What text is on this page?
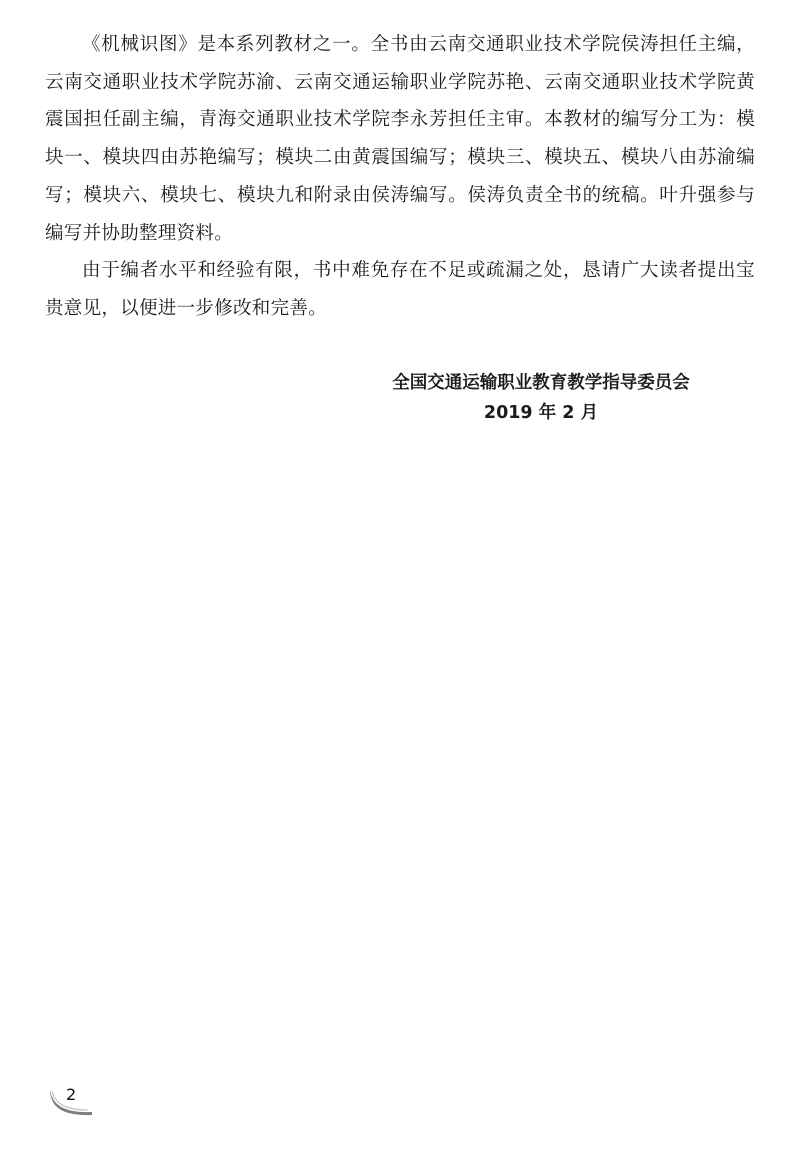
《机械识图》是本系列教材之一。全书由云南交通职业技术学院侯涛担任主编，云南交通职业技术学院苏渝、云南交通运输职业学院苏艳、云南交通职业技术学院黄震国担任副主编，青海交通职业技术学院李永芳担任主审。本教材的编写分工为：模块一、模块四由苏艳编写；模块二由黄震国编写；模块三、模块五、模块八由苏渝编写；模块六、模块七、模块九和附录由侯涛编写。侯涛负责全书的统稿。叶升强参与编写并协助整理资料。

由于编者水平和经验有限，书中难免存在不足或疏漏之处，恳请广大读者提出宝贵意见，以便进一步修改和完善。

全国交通运输职业教育教学指导委员会
2019 年 2 月
2
